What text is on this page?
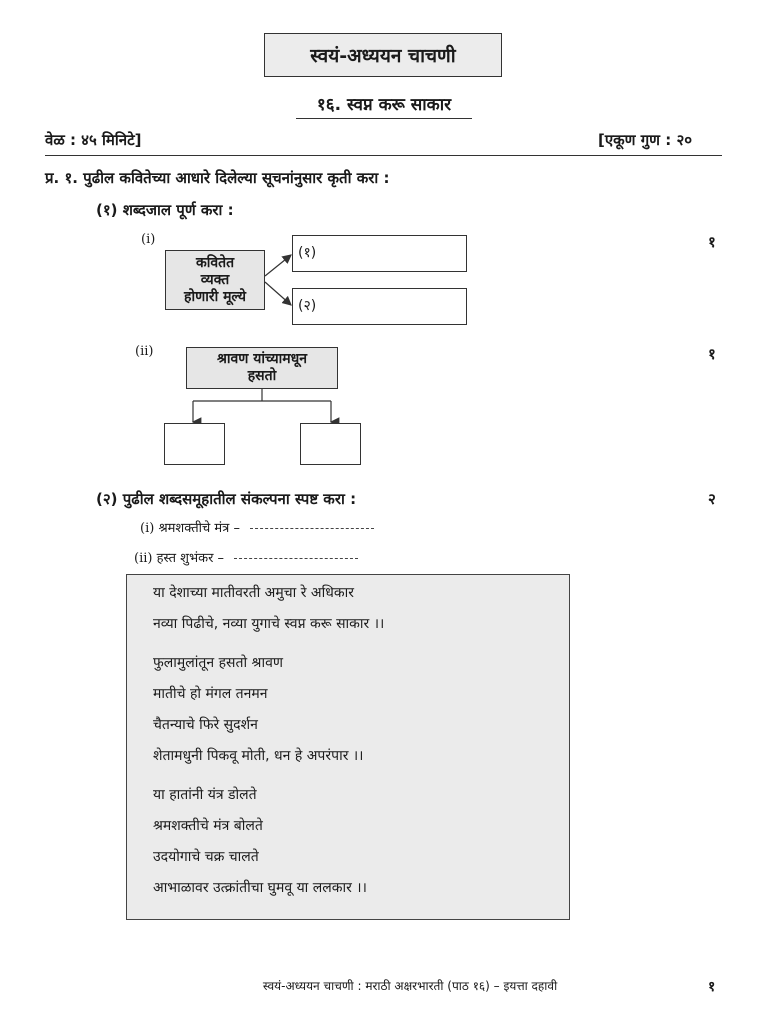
स्वयं-अध्ययन चाचणी
१६. स्वप्न करू साकार
वेळ : ४५ मिनिटे]	[एकूण गुण : २०
प्र. १. पुढील कवितेच्या आधारे दिलेल्या सूचनांनुसार कृती करा :
(१) शब्दजाल पूर्ण करा :
(i)	१
कवितेत
व्यक्त
होणारी मूल्ये
(१)
(२)
(ii)	१
श्रावण यांच्यामधून
हसतो
(२) पुढील शब्दसमूहातील संकल्पना स्पष्ट करा :	२
(i) श्रमशक्तीचे मंत्र –
(ii) हस्त शुभंकर –
या देशाच्या मातीवरती अमुचा रे अधिकार
नव्या पिढीचे, नव्या युगाचे स्वप्न करू साकार ।।
फुलामुलांतून हसतो श्रावण
मातीचे हो मंगल तनमन
चैतन्याचे फिरे सुदर्शन
शेतामधुनी पिकवू मोती, धन हे अपरंपार ।।
या हातांनी यंत्र डोलते
श्रमशक्तीचे मंत्र बोलते
उदयोगाचे चक्र चालते
आभाळावर उत्क्रांतीचा घुमवू या ललकार ।।
स्वयं-अध्ययन चाचणी : मराठी अक्षरभारती (पाठ १६) – इयत्ता दहावी	१
